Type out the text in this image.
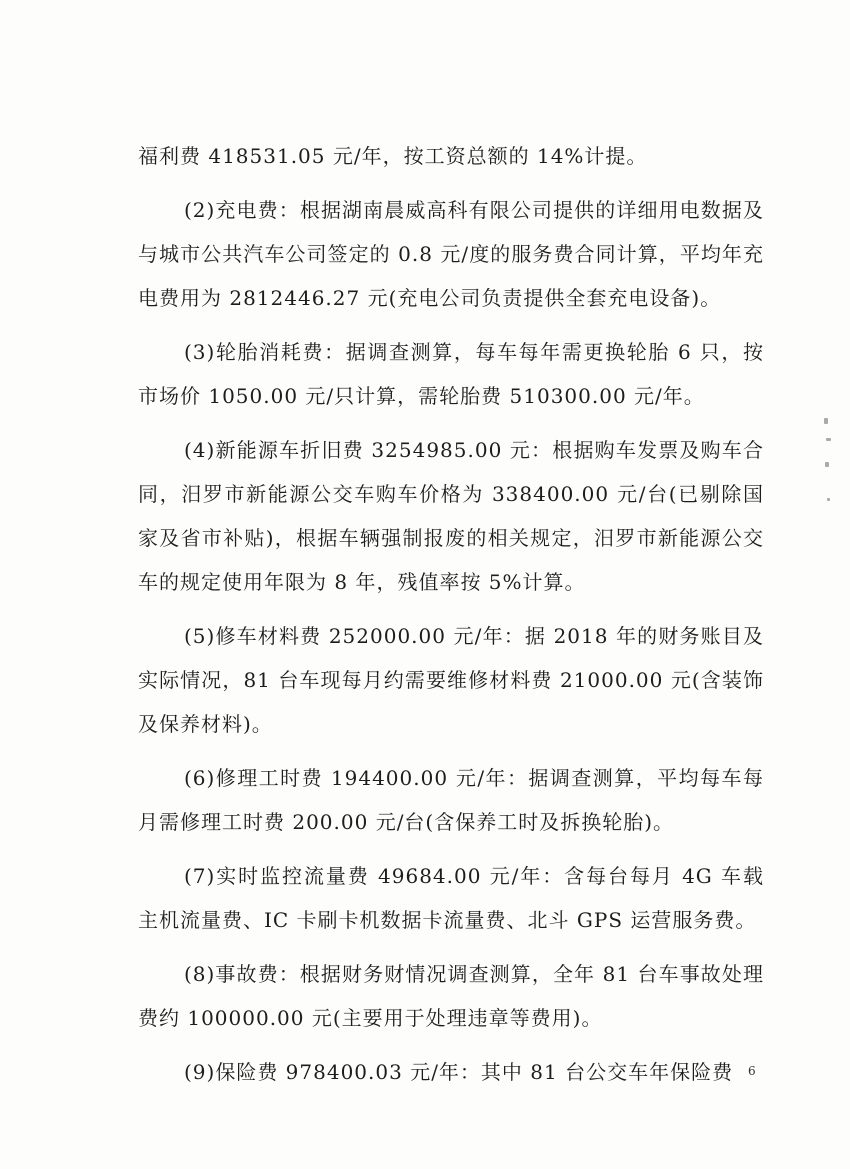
福利费 418531.05 元/年，按工资总额的 14%计提。

(2)充电费：根据湖南晨威高科有限公司提供的详细用电数据及与城市公共汽车公司签定的 0.8 元/度的服务费合同计算，平均年充电费用为 2812446.27 元(充电公司负责提供全套充电设备)。

(3)轮胎消耗费：据调查测算，每车每年需更换轮胎 6 只，按市场价 1050.00 元/只计算，需轮胎费 510300.00 元/年。

(4)新能源车折旧费 3254985.00 元：根据购车发票及购车合同，汨罗市新能源公交车购车价格为 338400.00 元/台(已剔除国家及省市补贴)，根据车辆强制报废的相关规定，汨罗市新能源公交车的规定使用年限为 8 年，残值率按 5%计算。

(5)修车材料费 252000.00 元/年：据 2018 年的财务账目及实际情况，81 台车现每月约需要维修材料费 21000.00 元(含装饰及保养材料)。

(6)修理工时费 194400.00 元/年：据调查测算，平均每车每月需修理工时费 200.00 元/台(含保养工时及拆换轮胎)。

(7)实时监控流量费 49684.00 元/年：含每台每月 4G 车载主机流量费、IC 卡刷卡机数据卡流量费、北斗 GPS 运营服务费。

(8)事故费：根据财务财情况调查测算，全年 81 台车事故处理费约 100000.00 元(主要用于处理违章等费用)。

(9)保险费 978400.03 元/年：其中 81 台公交车年保险费	6
